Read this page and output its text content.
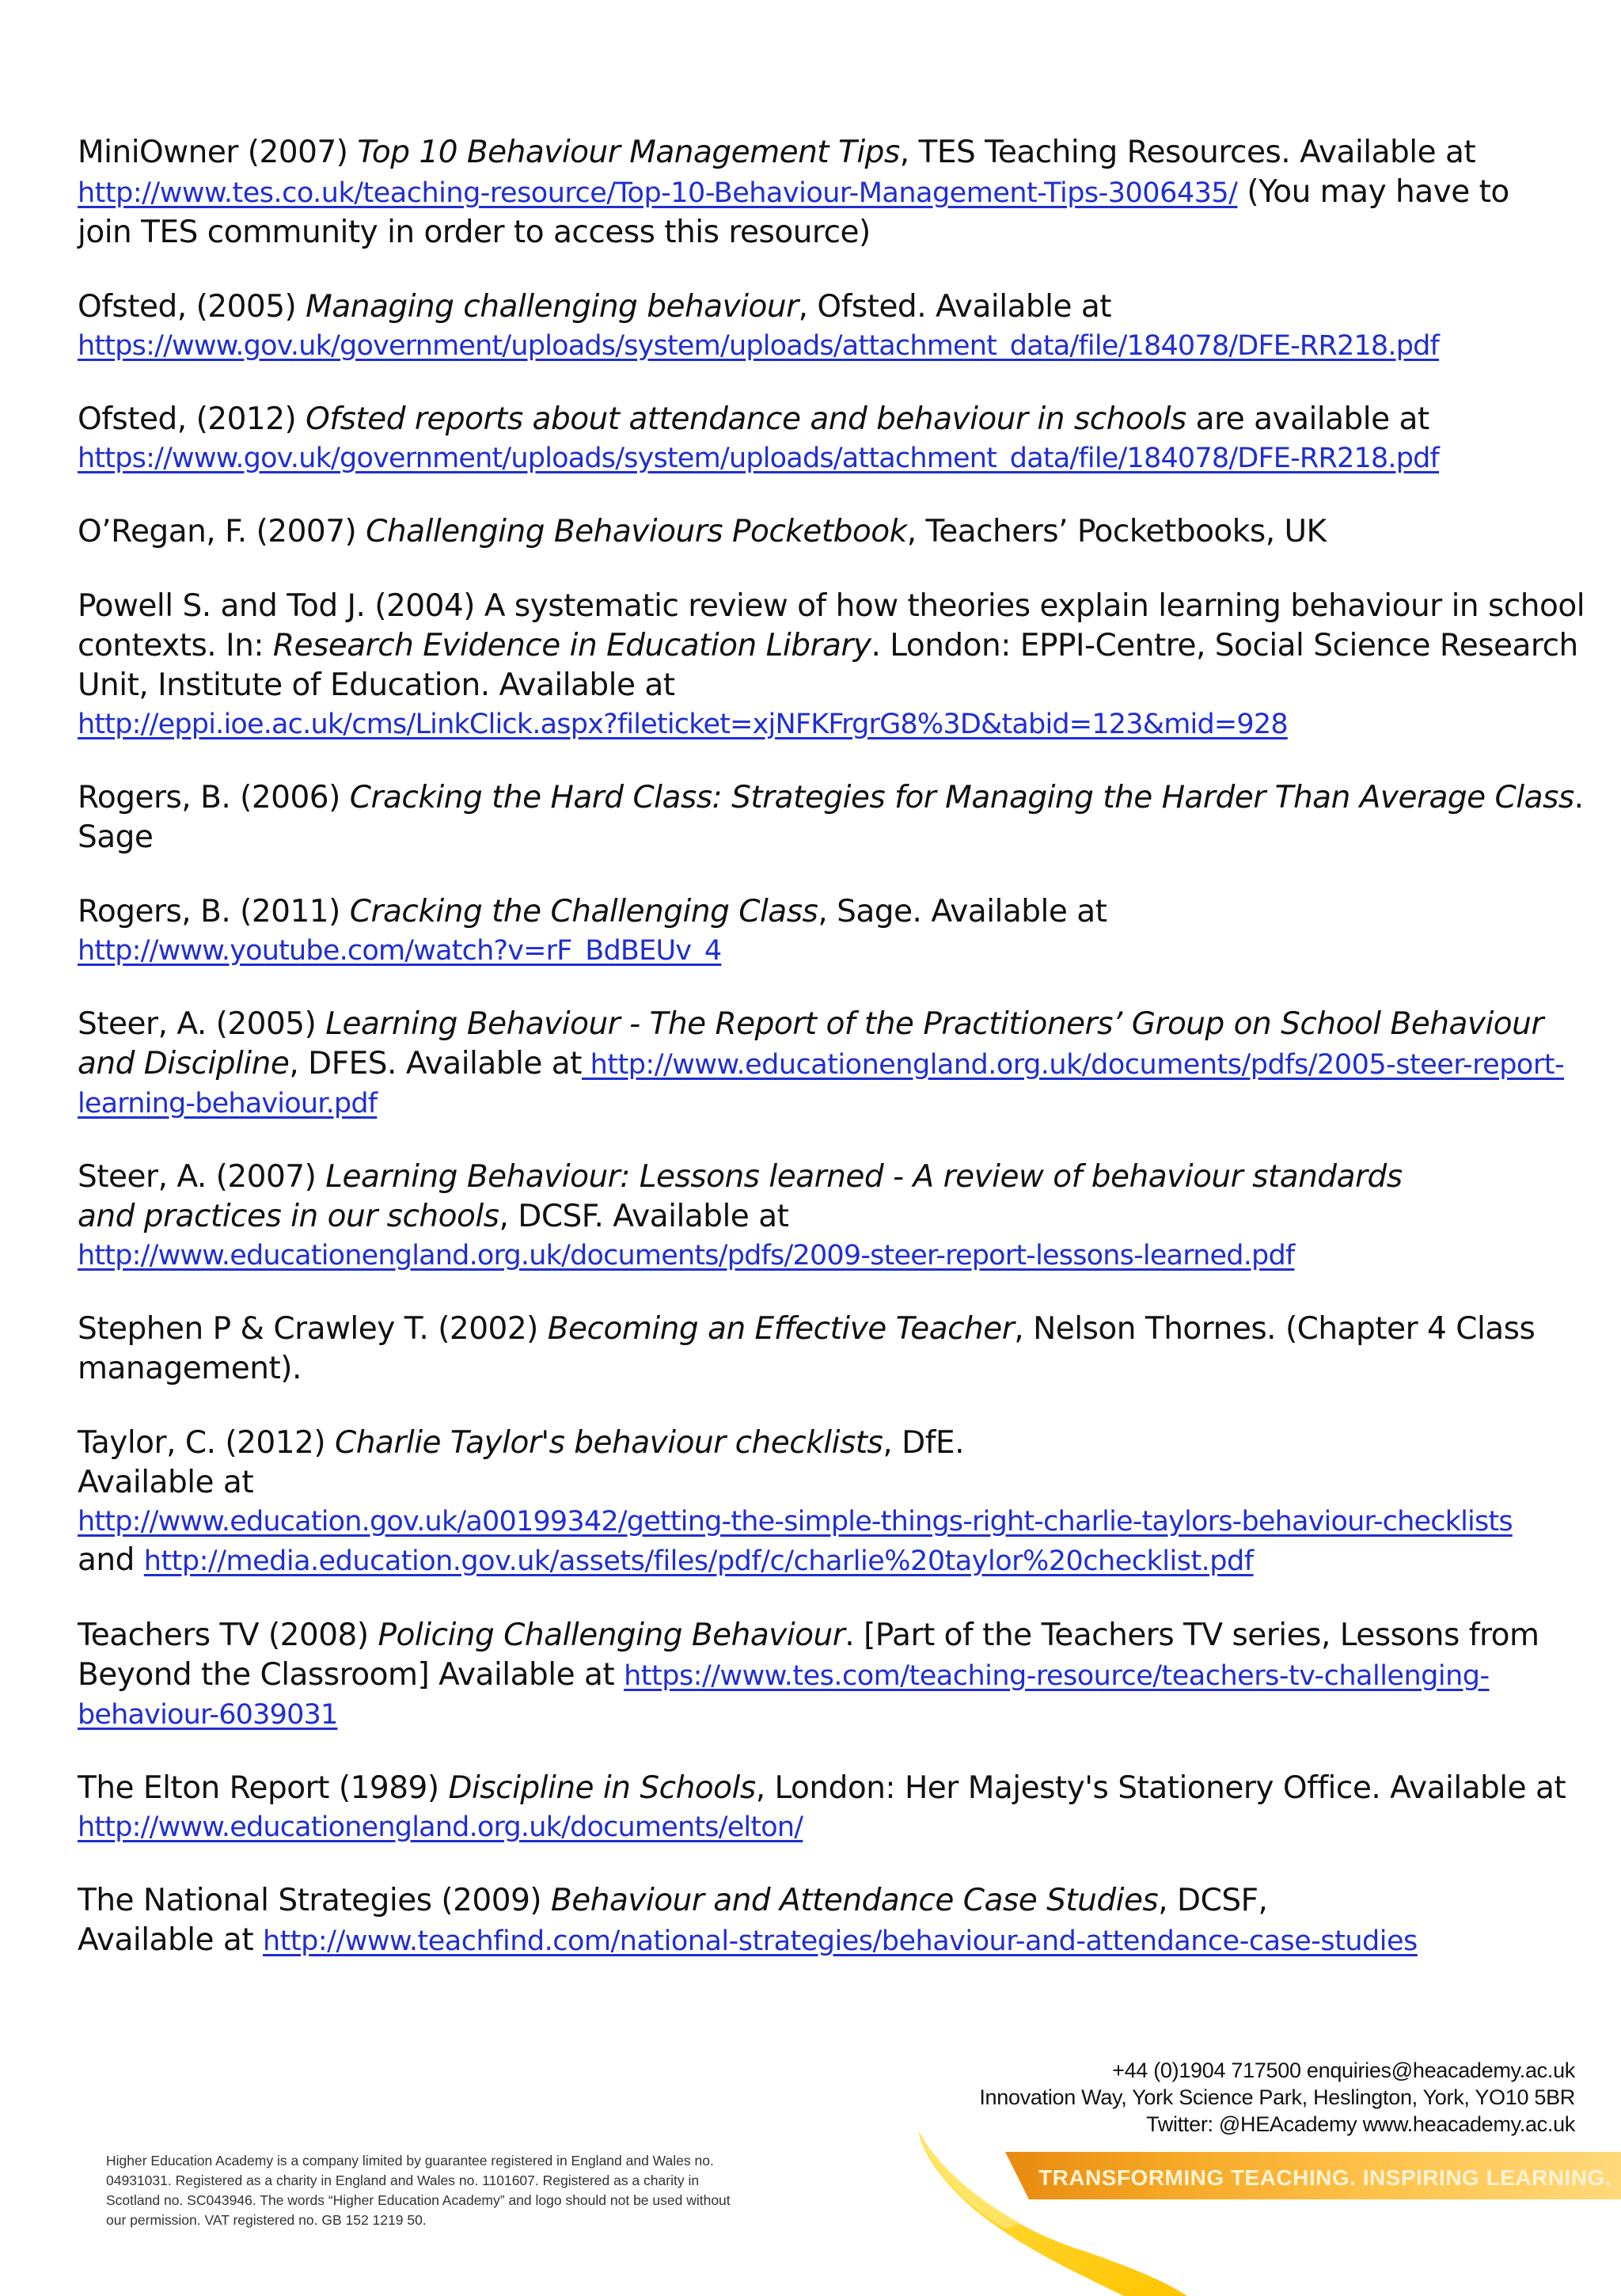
MiniOwner (2007) Top 10 Behaviour Management Tips, TES Teaching Resources. Available at
http://www.tes.co.uk/teaching-resource/Top-10-Behaviour-Management-Tips-3006435/ (You may have to
join TES community in order to access this resource)
Ofsted, (2005) Managing challenging behaviour, Ofsted. Available at
https://www.gov.uk/government/uploads/system/uploads/attachment_data/file/184078/DFE-RR218.pdf
Ofsted, (2012) Ofsted reports about attendance and behaviour in schools are available at
https://www.gov.uk/government/uploads/system/uploads/attachment_data/file/184078/DFE-RR218.pdf
O’Regan, F. (2007) Challenging Behaviours Pocketbook, Teachers’ Pocketbooks, UK
Powell S. and Tod J. (2004) A systematic review of how theories explain learning behaviour in school
contexts. In: Research Evidence in Education Library. London: EPPI-Centre, Social Science Research
Unit, Institute of Education. Available at
http://eppi.ioe.ac.uk/cms/LinkClick.aspx?fileticket=xjNFKFrgrG8%3D&tabid=123&mid=928
Rogers, B. (2006) Cracking the Hard Class: Strategies for Managing the Harder Than Average Class.
Sage
Rogers, B. (2011) Cracking the Challenging Class, Sage. Available at
http://www.youtube.com/watch?v=rF_BdBEUv_4
Steer, A. (2005) Learning Behaviour - The Report of the Practitioners’ Group on School Behaviour
and Discipline, DFES. Available at http://www.educationengland.org.uk/documents/pdfs/2005-steer-report-
learning-behaviour.pdf
Steer, A. (2007) Learning Behaviour: Lessons learned - A review of behaviour standards
and practices in our schools, DCSF. Available at
http://www.educationengland.org.uk/documents/pdfs/2009-steer-report-lessons-learned.pdf
Stephen P & Crawley T. (2002) Becoming an Effective Teacher, Nelson Thornes. (Chapter 4 Class
management).
Taylor, C. (2012) Charlie Taylor's behaviour checklists, DfE.
Available at
http://www.education.gov.uk/a00199342/getting-the-simple-things-right-charlie-taylors-behaviour-checklists
and http://media.education.gov.uk/assets/files/pdf/c/charlie%20taylor%20checklist.pdf
Teachers TV (2008) Policing Challenging Behaviour. [Part of the Teachers TV series, Lessons from
Beyond the Classroom] Available at https://www.tes.com/teaching-resource/teachers-tv-challenging-
behaviour-6039031
The Elton Report (1989) Discipline in Schools, London: Her Majesty's Stationery Office. Available at
http://www.educationengland.org.uk/documents/elton/
The National Strategies (2009) Behaviour and Attendance Case Studies, DCSF,
Available at http://www.teachfind.com/national-strategies/behaviour-and-attendance-case-studies
+44 (0)1904 717500 enquiries@heacademy.ac.uk
Innovation Way, York Science Park, Heslington, York, YO10 5BR
Twitter: @HEAcademy www.heacademy.ac.uk
Higher Education Academy is a company limited by guarantee registered in England and Wales no.
04931031. Registered as a charity in England and Wales no. 1101607. Registered as a charity in
Scotland no. SC043946. The words “Higher Education Academy” and logo should not be used without
our permission. VAT registered no. GB 152 1219 50.
TRANSFORMING TEACHING. INSPIRING LEARNING.
